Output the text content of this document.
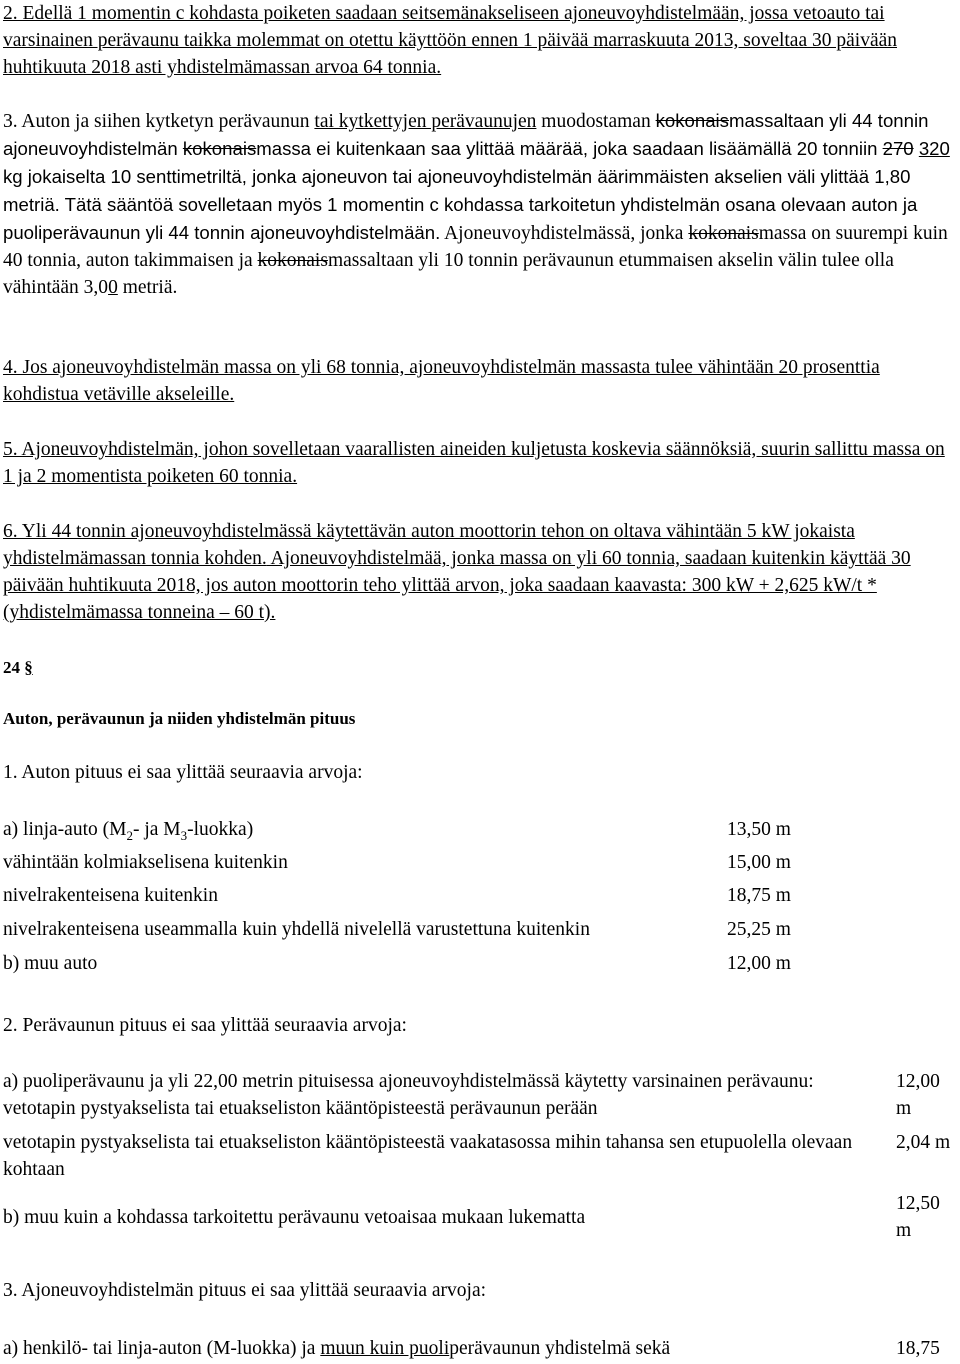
2. Edellä 1 momentin c kohdasta poiketen saadaan seitsemänakseliseen ajoneuvoyhdistelmään, jossa vetoauto tai varsinainen perävaunu taikka molemmat on otettu käyttöön ennen 1 päivää marraskuuta 2013, soveltaa 30 päivään huhtikuuta 2018 asti yhdistelmämassan arvoa 64 tonnia.

3. Auton ja siihen kytketyn perävaunun tai kytkettyjen perävaunujen muodostaman kokonaismassaltaan yli 44 tonnin ajoneuvoyhdistelmän kokonaismassa ei kuitenkaan saa ylittää määrää, joka saadaan lisäämällä 20 tonniin 270 320 kg jokaiselta 10 senttimetriltä, jonka ajoneuvon tai ajoneuvoyhdistelmän äärimmäisten akselien väli ylittää 1,80 metriä. Tätä sääntöä sovelletaan myös 1 momentin c kohdassa tarkoitetun yhdistelmän osana olevaan auton ja puoliperävaunun yli 44 tonnin ajoneuvoyhdistelmään. Ajoneuvoyhdistelmässä, jonka kokonaismassa on suurempi kuin 40 tonnia, auton takimmaisen ja kokonaismassaltaan yli 10 tonnin perävaunun etummaisen akselin välin tulee olla vähintään 3,00 metriä.

4. Jos ajoneuvoyhdistelmän massa on yli 68 tonnia, ajoneuvoyhdistelmän massasta tulee vähintään 20 prosenttia kohdistua vetäville akseleille.

5. Ajoneuvoyhdistelmän, johon sovelletaan vaarallisten aineiden kuljetusta koskevia säännöksiä, suurin sallittu massa on 1 ja 2 momentista poiketen 60 tonnia.

6. Yli 44 tonnin ajoneuvoyhdistelmässä käytettävän auton moottorin tehon on oltava vähintään 5 kW jokaista yhdistelmämassan tonnia kohden. Ajoneuvoyhdistelmää, jonka massa on yli 60 tonnia, saadaan kuitenkin käyttää 30 päivään huhtikuuta 2018, jos auton moottorin teho ylittää arvon, joka saadaan kaavasta: 300 kW + 2,625 kW/t * (yhdistelmämassa tonneina – 60 t).

24 §
Auton, perävaunun ja niiden yhdistelmän pituus
1. Auton pituus ei saa ylittää seuraavia arvoja:
a) linja-auto ($M_2-$ ja $M_3-luokka$)	13,50 m
vähintään kolmiakselisena kuitenkin	15,00 m
nivelrakenteisena kuitenkin	18,75 m
nivelrakenteisena useammalla kuin yhdellä nivelellä varustettuna kuitenkin	25,25 m
b) muu auto	12,00 m
2. Perävaunun pituus ei saa ylittää seuraavia arvoja:
a) puoliperävaunu ja yli 22,00 metrin pituisessa ajoneuvoyhdistelmässä käytetty varsinainen perävaunu: vetotapin pystyakselista tai etuakseliston kääntöpisteestä perävaunun perään
12,00 m
vetotapin pystyakselista tai etuakseliston kääntöpisteestä vaakatasossa mihin tahansa sen etupuolella olevaan kohtaan
2,04 m
b) muu kuin a kohdassa tarkoitettu perävaunu vetoaisaa mukaan lukematta
12,50 m
3. Ajoneuvoyhdistelmän pituus ei saa ylittää seuraavia arvoja:
a) henkilö- tai linja-auton (M-luokka) ja muun kuin puoliperävaunun yhdistelmä sekä	18,75
